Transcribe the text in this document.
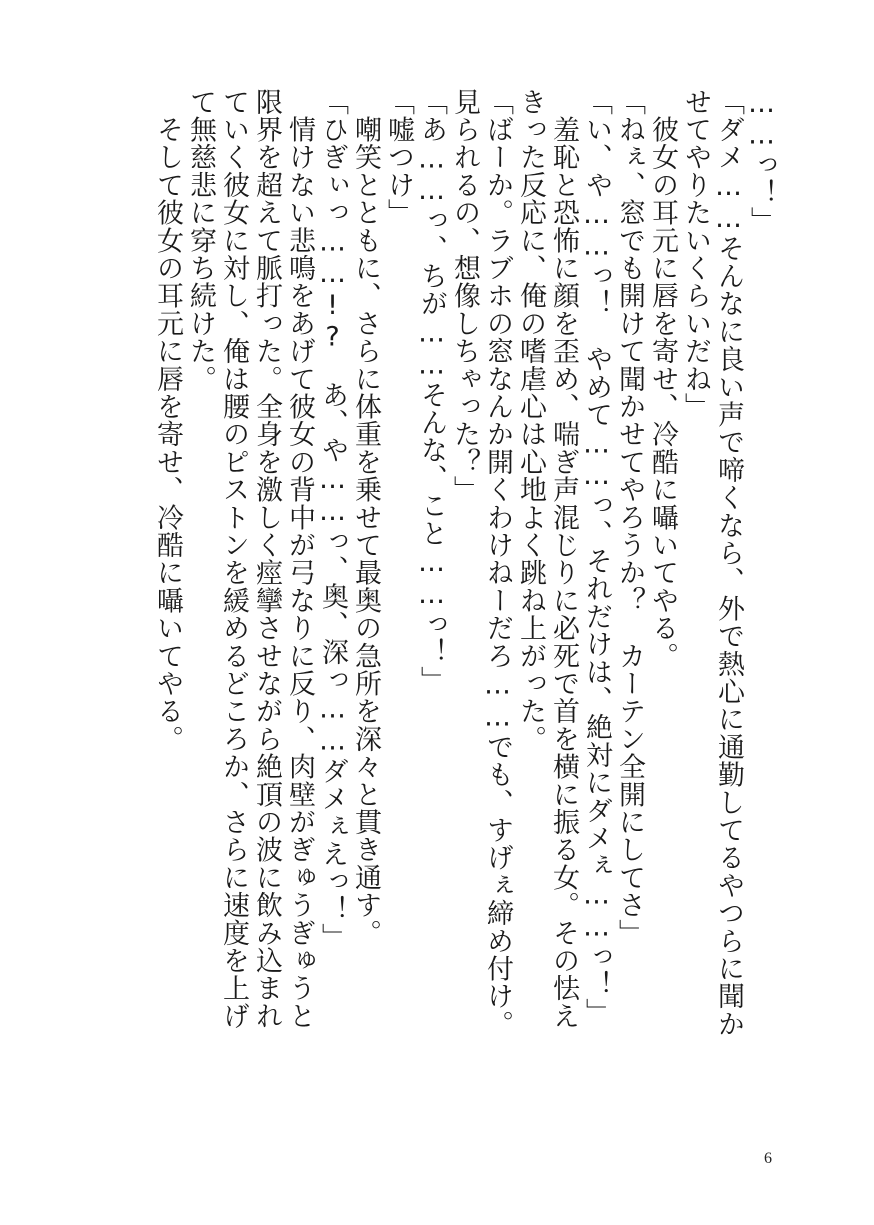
……っ！」

「ダメ……そんなに良い声で啼くなら、外で熱心に通勤してるやつらに聞かせてやりたいくらいだね」

　彼女の耳元に唇を寄せ、冷酷に囁いてやる。

「ねぇ、窓でも開けて聞かせてやろうか？　カーテン全開にしてさ」

「い、や……っ！　やめて……っ、それだけは、絶対にダメぇ……っ！」

　羞恥と恐怖に顔を歪め、喘ぎ声混じりに必死で首を横に振る女。その怯えきった反応に、俺の嗜虐心は心地よく跳ね上がった。

「ばーか。ラブホの窓なんか開くわけねーだろ……でも、すげぇ締め付け。見られるの、想像しちゃった？」

「あ……っ、ちが……そんな、こと……っ！」

「嘘つけ」

　嘲笑とともに、さらに体重を乗せて最奥の急所を深々と貫き通す。

「ひぎぃっ……!?　あ、や……っ、奥、深っ……ダメぇえっ！」

　情けない悲鳴をあげて彼女の背中が弓なりに反り、肉壁がぎゅうぎゅうと限界を超えて脈打った。全身を激しく痙攣させながら絶頂の波に飲み込まれていく彼女に対し、俺は腰のピストンを緩めるどころか、さらに速度を上げて無慈悲に穿ち続けた。

　そして彼女の耳元に唇を寄せ、冷酷に囁いてやる。

6
